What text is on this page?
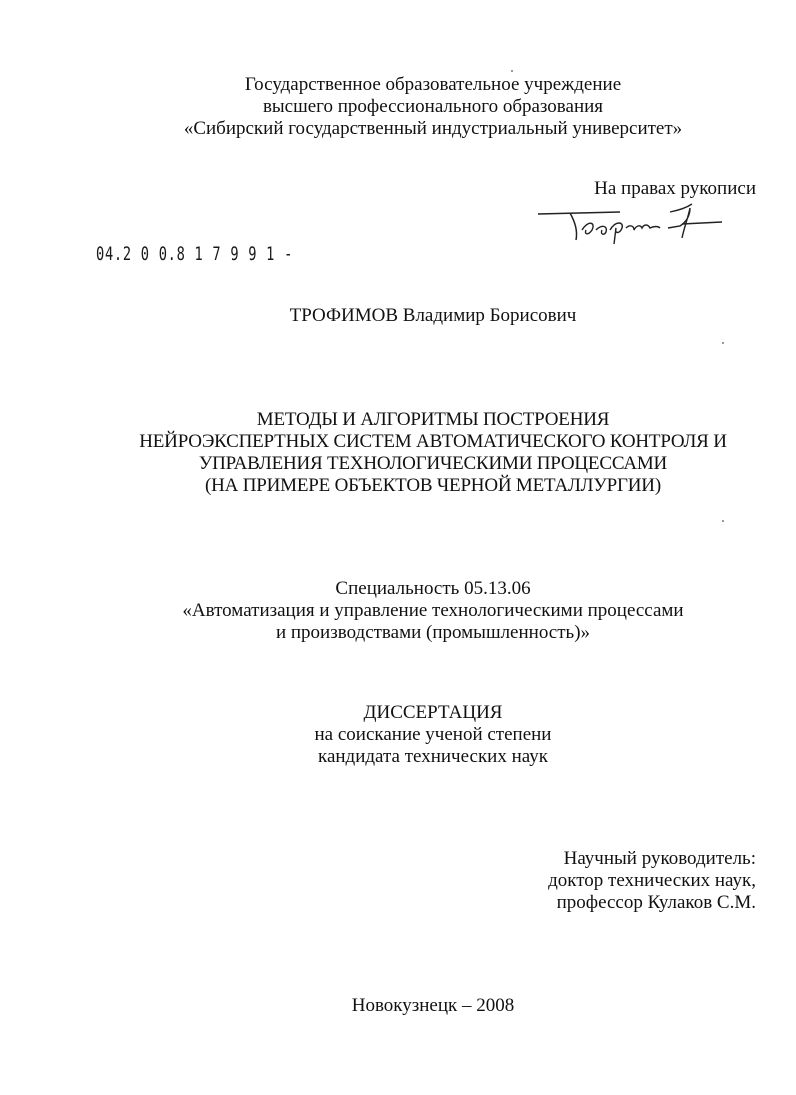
Государственное образовательное учреждение
высшего профессионального образования
«Сибирский государственный индустриальный университет»
На правах рукописи
04.2 0 0.8 1 7 9 9 1 -
ТРОФИМОВ Владимир Борисович
МЕТОДЫ И АЛГОРИТМЫ ПОСТРОЕНИЯ
НЕЙРОЭКСПЕРТНЫХ СИСТЕМ АВТОМАТИЧЕСКОГО КОНТРОЛЯ И
УПРАВЛЕНИЯ ТЕХНОЛОГИЧЕСКИМИ ПРОЦЕССАМИ
(НА ПРИМЕРЕ ОБЪЕКТОВ ЧЕРНОЙ МЕТАЛЛУРГИИ)
Специальность 05.13.06
«Автоматизация и управление технологическими процессами
и производствами (промышленность)»
ДИССЕРТАЦИЯ
на соискание ученой степени
кандидата технических наук
Научный руководитель:
доктор технических наук,
профессор Кулаков С.М.
Новокузнецк – 2008
